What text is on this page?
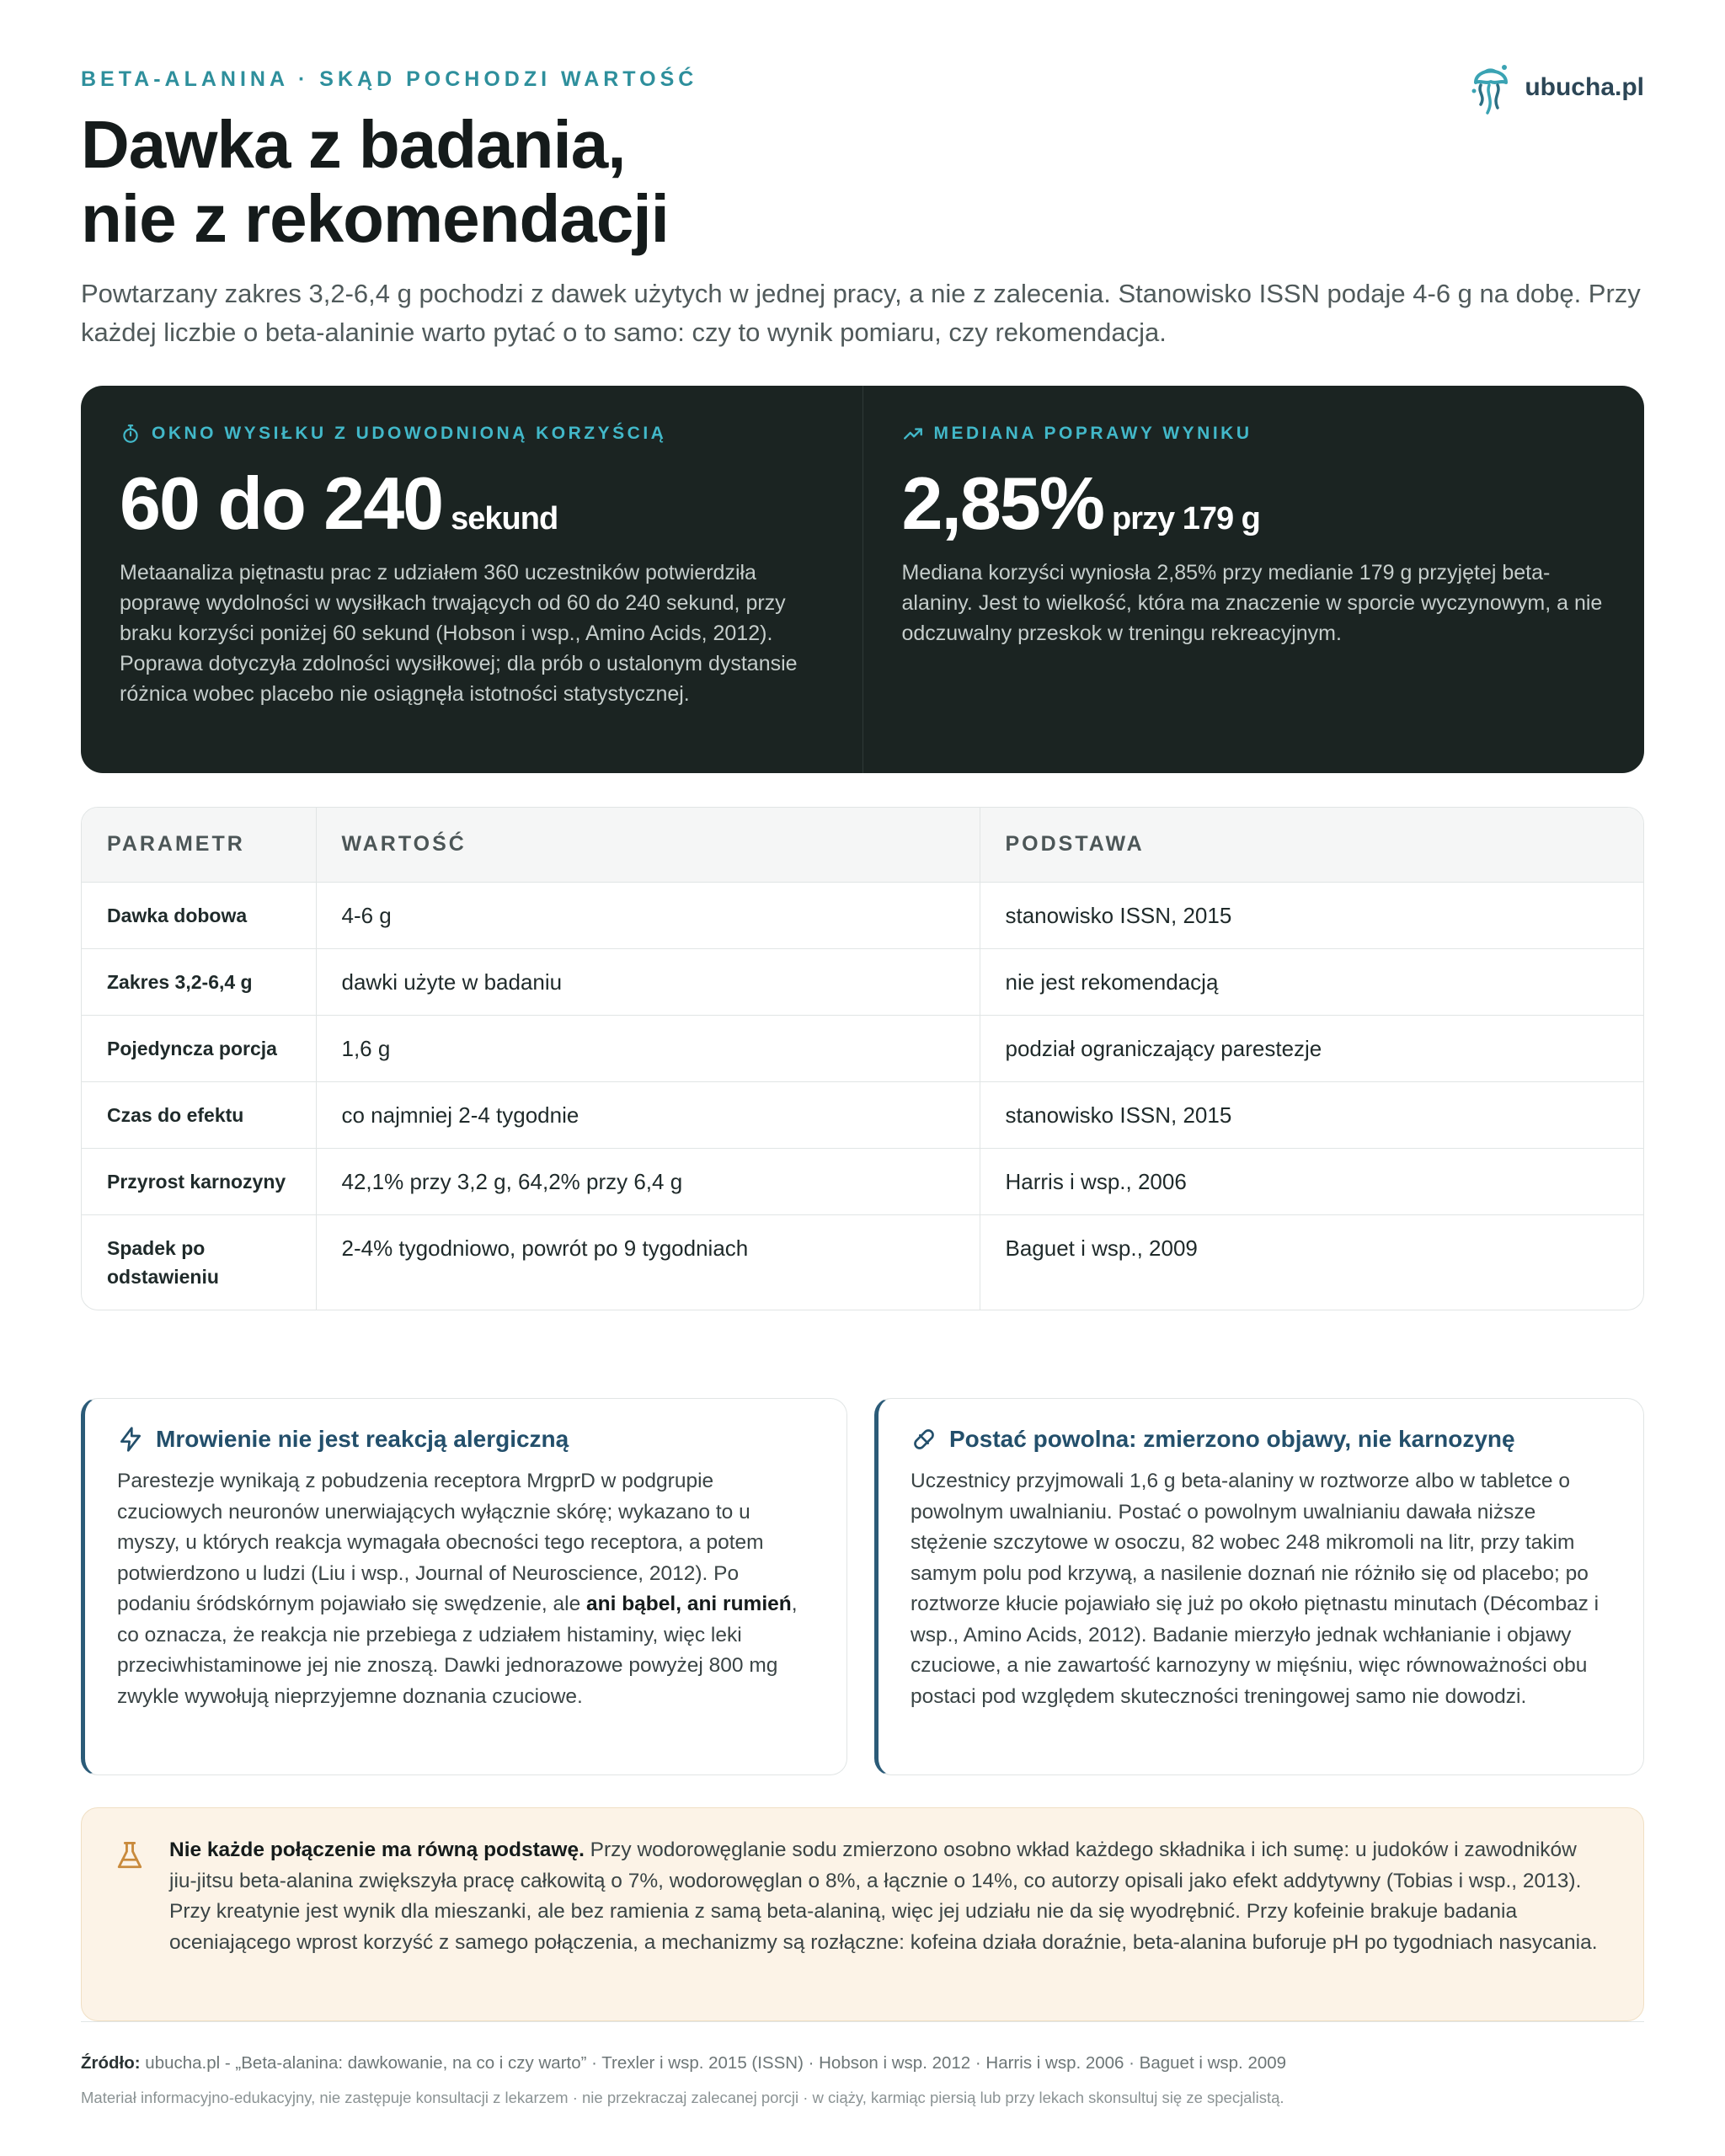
BETA-ALANINA · SKĄD POCHODZI WARTOŚĆ	ubucha.pl
Dawka z badania,
nie z rekomendacji

Powtarzany zakres 3,2-6,4 g pochodzi z dawek użytych w jednej pracy, a nie z zalecenia. Stanowisko ISSN podaje 4-6 g na dobę. Przy każdej liczbie o beta-alaninie warto pytać o to samo: czy to wynik pomiaru, czy rekomendacja.

OKNO WYSIŁKU Z UDOWODNIONĄ KORZYŚCIĄ
60 do 240 sekund

Metaanaliza piętnastu prac z udziałem 360 uczestników potwierdziła poprawę wydolności w wysiłkach trwających od 60 do 240 sekund, przy braku korzyści poniżej 60 sekund (Hobson i wsp., Amino Acids, 2012). Poprawa dotyczyła zdolności wysiłkowej; dla prób o ustalonym dystansie różnica wobec placebo nie osiągnęła istotności statystycznej.

MEDIANA POPRAWY WYNIKU
2,85% przy 179 g

Mediana korzyści wyniosła 2,85% przy medianie 179 g przyjętej beta-alaniny. Jest to wielkość, która ma znaczenie w sporcie wyczynowym, a nie odczuwalny przeskok w treningu rekreacyjnym.

PARAMETR	WARTOŚĆ	PODSTAWA
Dawka dobowa	4-6 g	stanowisko ISSN, 2015
Zakres 3,2-6,4 g	dawki użyte w badaniu	nie jest rekomendacją
Pojedyncza porcja	1,6 g	podział ograniczający parestezje
Czas do efektu	co najmniej 2-4 tygodnie	stanowisko ISSN, 2015
Przyrost karnozyny	42,1% przy 3,2 g, 64,2% przy 6,4 g	Harris i wsp., 2006
Spadek po odstawieniu	2-4% tygodniowo, powrót po 9 tygodniach	Baguet i wsp., 2009
Mrowienie nie jest reakcją alergiczną

Parestezje wynikają z pobudzenia receptora MrgprD w podgrupie czuciowych neuronów unerwiających wyłącznie skórę; wykazano to u myszy, u których reakcja wymagała obecności tego receptora, a potem potwierdzono u ludzi (Liu i wsp., Journal of Neuroscience, 2012). Po podaniu śródskórnym pojawiało się swędzenie, ale ani bąbel, ani rumień, co oznacza, że reakcja nie przebiega z udziałem histaminy, więc leki przeciwhistaminowe jej nie znoszą. Dawki jednorazowe powyżej 800 mg zwykle wywołują nieprzyjemne doznania czuciowe.

Postać powolna: zmierzono objawy, nie karnozynę

Uczestnicy przyjmowali 1,6 g beta-alaniny w roztworze albo w tabletce o powolnym uwalnianiu. Postać o powolnym uwalnianiu dawała niższe stężenie szczytowe w osoczu, 82 wobec 248 mikromoli na litr, przy takim samym polu pod krzywą, a nasilenie doznań nie różniło się od placebo; po roztworze kłucie pojawiało się już po około piętnastu minutach (Décombaz i wsp., Amino Acids, 2012). Badanie mierzyło jednak wchłanianie i objawy czuciowe, a nie zawartość karnozyny w mięśniu, więc równoważności obu postaci pod względem skuteczności treningowej samo nie dowodzi.

Nie każde połączenie ma równą podstawę. Przy wodorowęglanie sodu zmierzono osobno wkład każdego składnika i ich sumę: u judoków i zawodników jiu-jitsu beta-alanina zwiększyła pracę całkowitą o 7%, wodorowęglan o 8%, a łącznie o 14%, co autorzy opisali jako efekt addytywny (Tobias i wsp., 2013). Przy kreatynie jest wynik dla mieszanki, ale bez ramienia z samą beta-alaniną, więc jej udziału nie da się wyodrębnić. Przy kofeinie brakuje badania oceniającego wprost korzyść z samego połączenia, a mechanizmy są rozłączne: kofeina działa doraźnie, beta-alanina buforuje pH po tygodniach nasycania.

Źródło: ubucha.pl - „Beta-alanina: dawkowanie, na co i czy warto” · Trexler i wsp. 2015 (ISSN) · Hobson i wsp. 2012 · Harris i wsp. 2006 · Baguet i wsp. 2009

Materiał informacyjno-edukacyjny, nie zastępuje konsultacji z lekarzem · nie przekraczaj zalecanej porcji · w ciąży, karmiąc piersią lub przy lekach skonsultuj się ze specjalistą.
